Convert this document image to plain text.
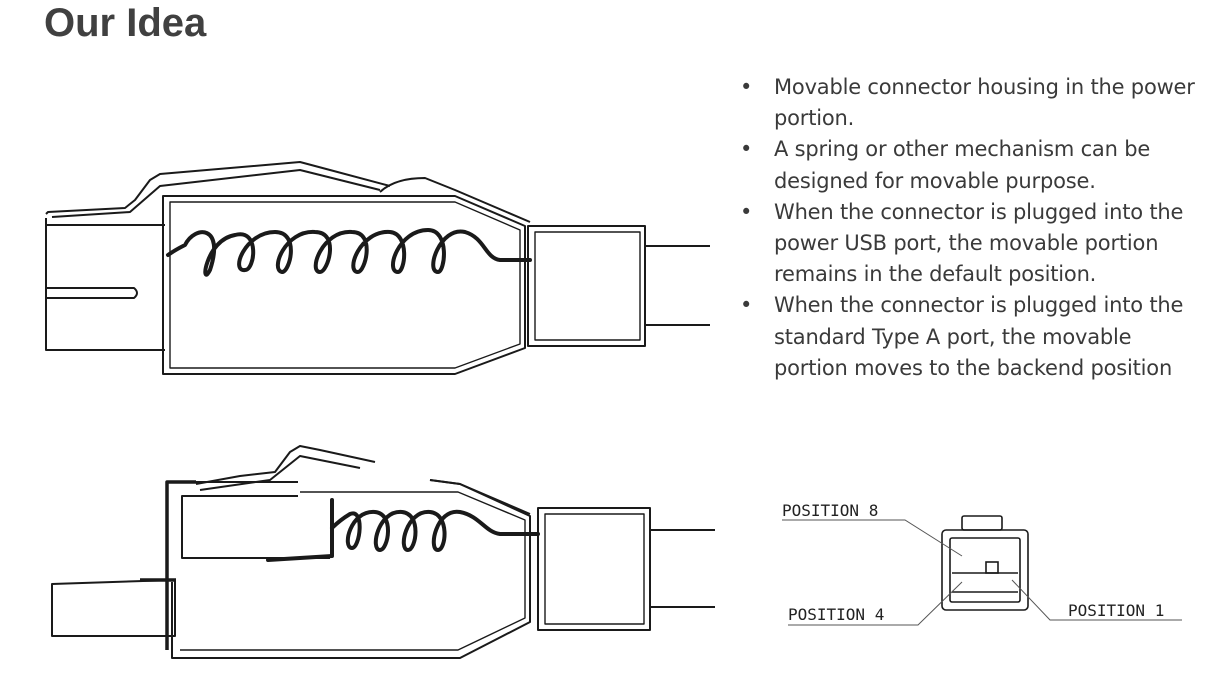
Our Idea
•	Movable connector housing in the power portion.
•	A spring or other mechanism can be designed for movable purpose.
•	When the connector is plugged into the power USB port, the movable portion remains in the default position.
•	When the connector is plugged into the standard Type A port, the movable portion moves to the backend position
POSITION 8
POSITION 4	POSITION 1
